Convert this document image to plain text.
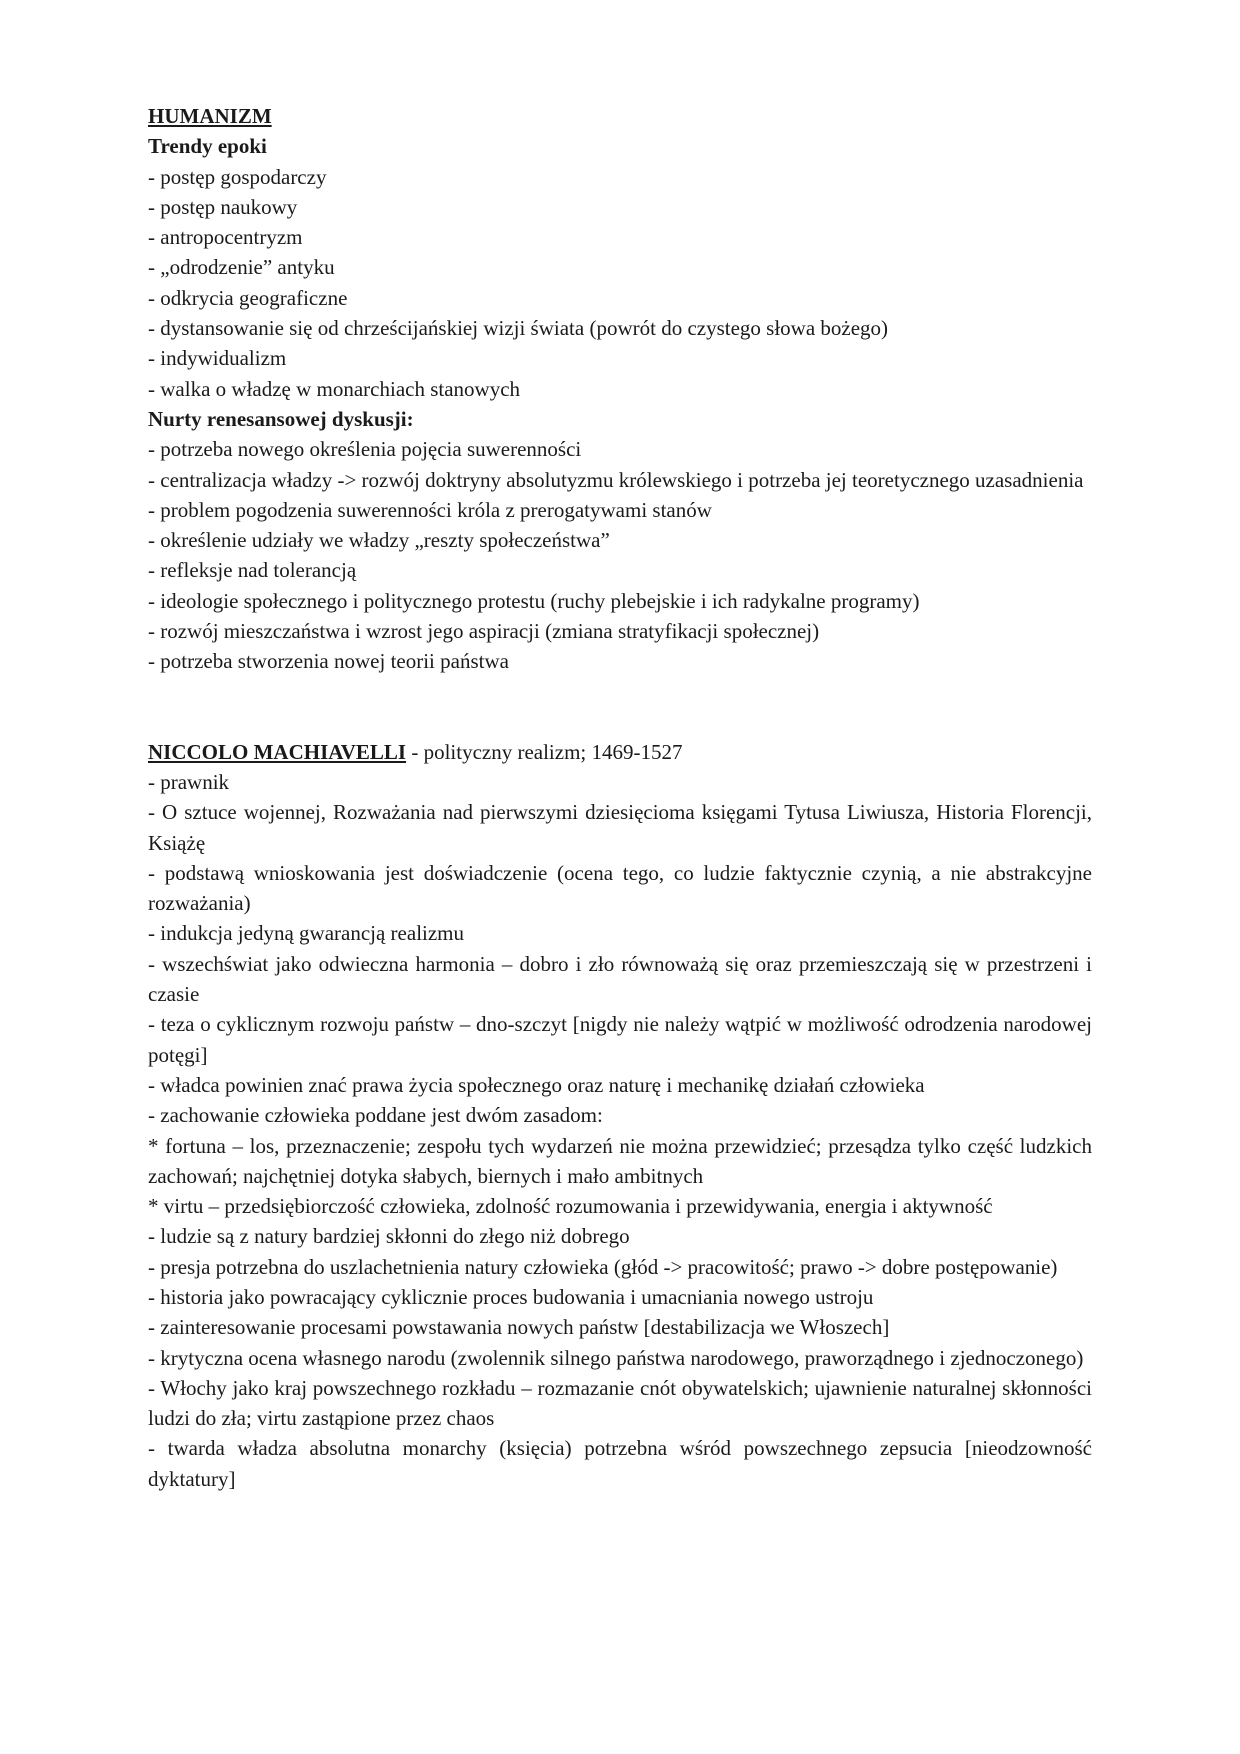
HUMANIZM

Trendy epoki

- postęp gospodarczy

- postęp naukowy

- antropocentryzm

- „odrodzenie” antyku

- odkrycia geograficzne

- dystansowanie się od chrześcijańskiej wizji świata (powrót do czystego słowa bożego)

- indywidualizm

- walka o władzę w monarchiach stanowych

Nurty renesansowej dyskusji:

- potrzeba nowego określenia pojęcia suwerenności

- centralizacja władzy -> rozwój doktryny absolutyzmu królewskiego i potrzeba jej teoretycznego uzasadnienia

- problem pogodzenia suwerenności króla z prerogatywami stanów

- określenie udziały we władzy „reszty społeczeństwa”

- refleksje nad tolerancją

- ideologie społecznego i politycznego protestu (ruchy plebejskie i ich radykalne programy)

- rozwój mieszczaństwa i wzrost jego aspiracji (zmiana stratyfikacji społecznej)

- potrzeba stworzenia nowej teorii państwa

NICCOLO MACHIAVELLI - polityczny realizm; 1469-1527

- prawnik

- O sztuce wojennej, Rozważania nad pierwszymi dziesięcioma księgami Tytusa Liwiusza, Historia Florencji, Książę

- podstawą wnioskowania jest doświadczenie (ocena tego, co ludzie faktycznie czynią, a nie abstrakcyjne rozważania)

- indukcja jedyną gwarancją realizmu

- wszechświat jako odwieczna harmonia – dobro i zło równoważą się oraz przemieszczają się w przestrzeni i czasie

- teza o cyklicznym rozwoju państw – dno-szczyt [nigdy nie należy wątpić w możliwość odrodzenia narodowej potęgi]

- władca powinien znać prawa życia społecznego oraz naturę i mechanikę działań człowieka

- zachowanie człowieka poddane jest dwóm zasadom:

* fortuna – los, przeznaczenie; zespołu tych wydarzeń nie można przewidzieć; przesądza tylko część ludzkich zachowań; najchętniej dotyka słabych, biernych i mało ambitnych

* virtu – przedsiębiorczość człowieka, zdolność rozumowania i przewidywania, energia i aktywność

- ludzie są z natury bardziej skłonni do złego niż dobrego

- presja potrzebna do uszlachetnienia natury człowieka (głód -> pracowitość; prawo -> dobre postępowanie)

- historia jako powracający cyklicznie proces budowania i umacniania nowego ustroju

- zainteresowanie procesami powstawania nowych państw [destabilizacja we Włoszech]

- krytyczna ocena własnego narodu (zwolennik silnego państwa narodowego, praworządnego i zjednoczonego)

- Włochy jako kraj powszechnego rozkładu – rozmazanie cnót obywatelskich; ujawnienie naturalnej skłonności ludzi do zła; virtu zastąpione przez chaos

- twarda władza absolutna monarchy (księcia) potrzebna wśród powszechnego zepsucia [nieodzowność dyktatury]
